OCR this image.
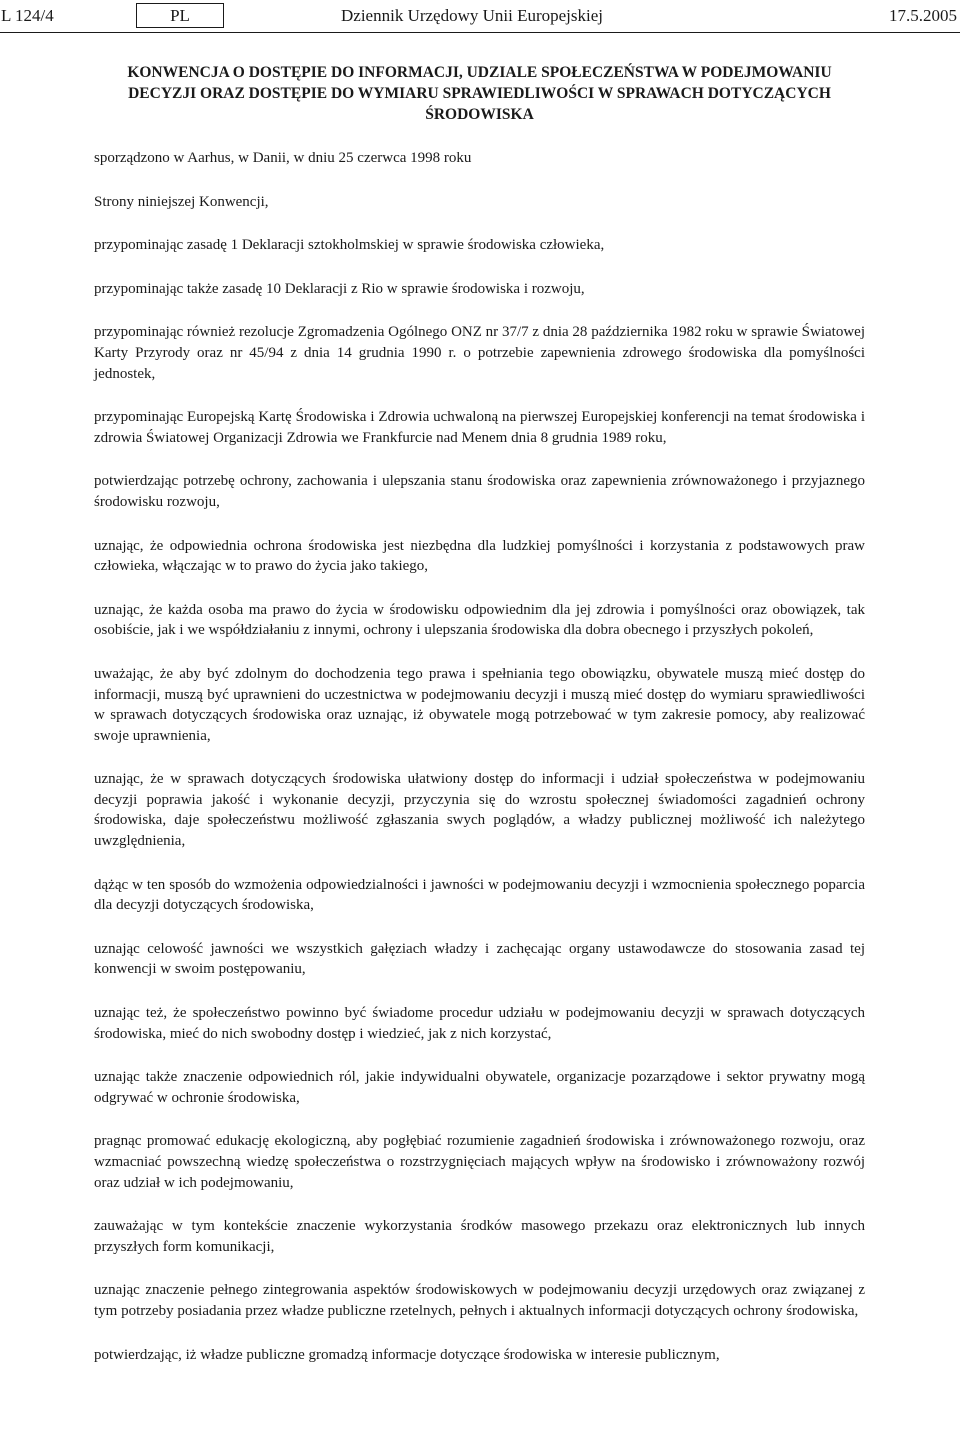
L 124/4	PL	Dziennik Urzędowy Unii Europejskiej	17.5.2005
KONWENCJA O DOSTĘPIE DO INFORMACJI, UDZIALE SPOŁECZEŃSTWA W PODEJMOWANIU DECYZJI ORAZ DOSTĘPIE DO WYMIARU SPRAWIEDLIWOŚCI W SPRAWACH DOTYCZĄCYCH ŚRODOWISKA

sporządzono w Aarhus, w Danii, w dniu 25 czerwca 1998 roku

Strony niniejszej Konwencji,

przypominając zasadę 1 Deklaracji sztokholmskiej w sprawie środowiska człowieka,

przypominając także zasadę 10 Deklaracji z Rio w sprawie środowiska i rozwoju,

przypominając również rezolucje Zgromadzenia Ogólnego ONZ nr 37/7 z dnia 28 października 1982 roku w sprawie Światowej Karty Przyrody oraz nr 45/94 z dnia 14 grudnia 1990 r. o potrzebie zapewnienia zdrowego środowiska dla pomyślności jednostek,

przypominając Europejską Kartę Środowiska i Zdrowia uchwaloną na pierwszej Europejskiej konferencji na temat środowiska i zdrowia Światowej Organizacji Zdrowia we Frankfurcie nad Menem dnia 8 grudnia 1989 roku,

potwierdzając potrzebę ochrony, zachowania i ulepszania stanu środowiska oraz zapewnienia zrównoważonego i przyjaznego środowisku rozwoju,

uznając, że odpowiednia ochrona środowiska jest niezbędna dla ludzkiej pomyślności i korzystania z podstawowych praw człowieka, włączając w to prawo do życia jako takiego,

uznając, że każda osoba ma prawo do życia w środowisku odpowiednim dla jej zdrowia i pomyślności oraz obowiązek, tak osobiście, jak i we współdziałaniu z innymi, ochrony i ulepszania środowiska dla dobra obecnego i przyszłych pokoleń,

uważając, że aby być zdolnym do dochodzenia tego prawa i spełniania tego obowiązku, obywatele muszą mieć dostęp do informacji, muszą być uprawnieni do uczestnictwa w podejmowaniu decyzji i muszą mieć dostęp do wymiaru sprawiedliwości w sprawach dotyczących środowiska oraz uznając, iż obywatele mogą potrzebować w tym zakresie pomocy, aby realizować swoje uprawnienia,

uznając, że w sprawach dotyczących środowiska ułatwiony dostęp do informacji i udział społeczeństwa w podejmowaniu decyzji poprawia jakość i wykonanie decyzji, przyczynia się do wzrostu społecznej świadomości zagadnień ochrony środowiska, daje społeczeństwu możliwość zgłaszania swych poglądów, a władzy publicznej możliwość ich należytego uwzględnienia,

dążąc w ten sposób do wzmożenia odpowiedzialności i jawności w podejmowaniu decyzji i wzmocnienia społecznego poparcia dla decyzji dotyczących środowiska,

uznając celowość jawności we wszystkich gałęziach władzy i zachęcając organy ustawodawcze do stosowania zasad tej konwencji w swoim postępowaniu,

uznając też, że społeczeństwo powinno być świadome procedur udziału w podejmowaniu decyzji w sprawach dotyczących środowiska, mieć do nich swobodny dostęp i wiedzieć, jak z nich korzystać,

uznając także znaczenie odpowiednich ról, jakie indywidualni obywatele, organizacje pozarządowe i sektor prywatny mogą odgrywać w ochronie środowiska,

pragnąc promować edukację ekologiczną, aby pogłębiać rozumienie zagadnień środowiska i zrównoważonego rozwoju, oraz wzmacniać powszechną wiedzę społeczeństwa o rozstrzygnięciach mających wpływ na środowisko i zrównoważony rozwój oraz udział w ich podejmowaniu,

zauważając w tym kontekście znaczenie wykorzystania środków masowego przekazu oraz elektronicznych lub innych przyszłych form komunikacji,

uznając znaczenie pełnego zintegrowania aspektów środowiskowych w podejmowaniu decyzji urzędowych oraz związanej z tym potrzeby posiadania przez władze publiczne rzetelnych, pełnych i aktualnych informacji dotyczących ochrony środowiska,

potwierdzając, iż władze publiczne gromadzą informacje dotyczące środowiska w interesie publicznym,
